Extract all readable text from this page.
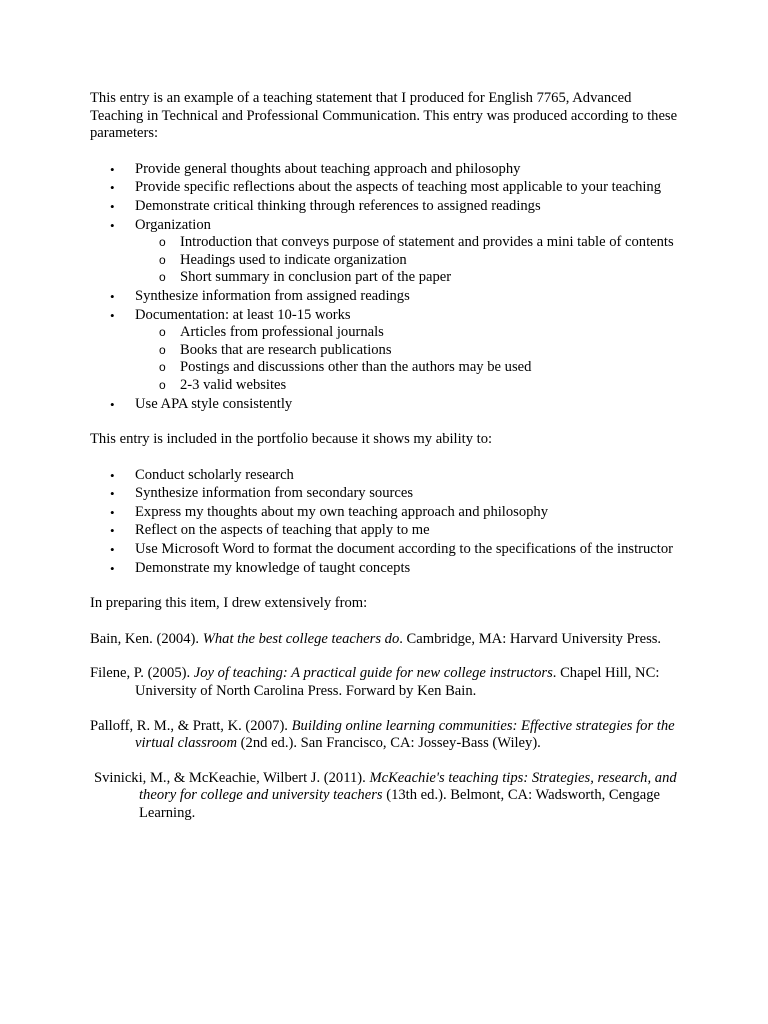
This entry is an example of a teaching statement that I produced for English 7765, Advanced Teaching in Technical and Professional Communication. This entry was produced according to these parameters:

•	Provide general thoughts about teaching approach and philosophy
•	Provide specific reflections about the aspects of teaching most applicable to your teaching
•	Demonstrate critical thinking through references to assigned readings
•	Organization
o Introduction that conveys purpose of statement and provides a mini table of contents
o Headings used to indicate organization
o Short summary in conclusion part of the paper
•	Synthesize information from assigned readings
•	Documentation: at least 10-15 works
o Articles from professional journals
o Books that are research publications
o Postings and discussions other than the authors may be used
o 2-3 valid websites
•	Use APA style consistently

This entry is included in the portfolio because it shows my ability to:

•	Conduct scholarly research
•	Synthesize information from secondary sources
•	Express my thoughts about my own teaching approach and philosophy
•	Reflect on the aspects of teaching that apply to me
•	Use Microsoft Word to format the document according to the specifications of the instructor
•	Demonstrate my knowledge of taught concepts

In preparing this item, I drew extensively from:

Bain, Ken. (2004). What the best college teachers do. Cambridge, MA: Harvard University Press.

Filene, P. (2005). Joy of teaching: A practical guide for new college instructors. Chapel Hill, NC: University of North Carolina Press. Forward by Ken Bain.

Palloff, R. M., & Pratt, K. (2007). Building online learning communities: Effective strategies for the virtual classroom (2nd ed.). San Francisco, CA: Jossey-Bass (Wiley).

Svinicki, M., & McKeachie, Wilbert J. (2011). McKeachie's teaching tips: Strategies, research, and theory for college and university teachers (13th ed.). Belmont, CA: Wadsworth, Cengage Learning.
